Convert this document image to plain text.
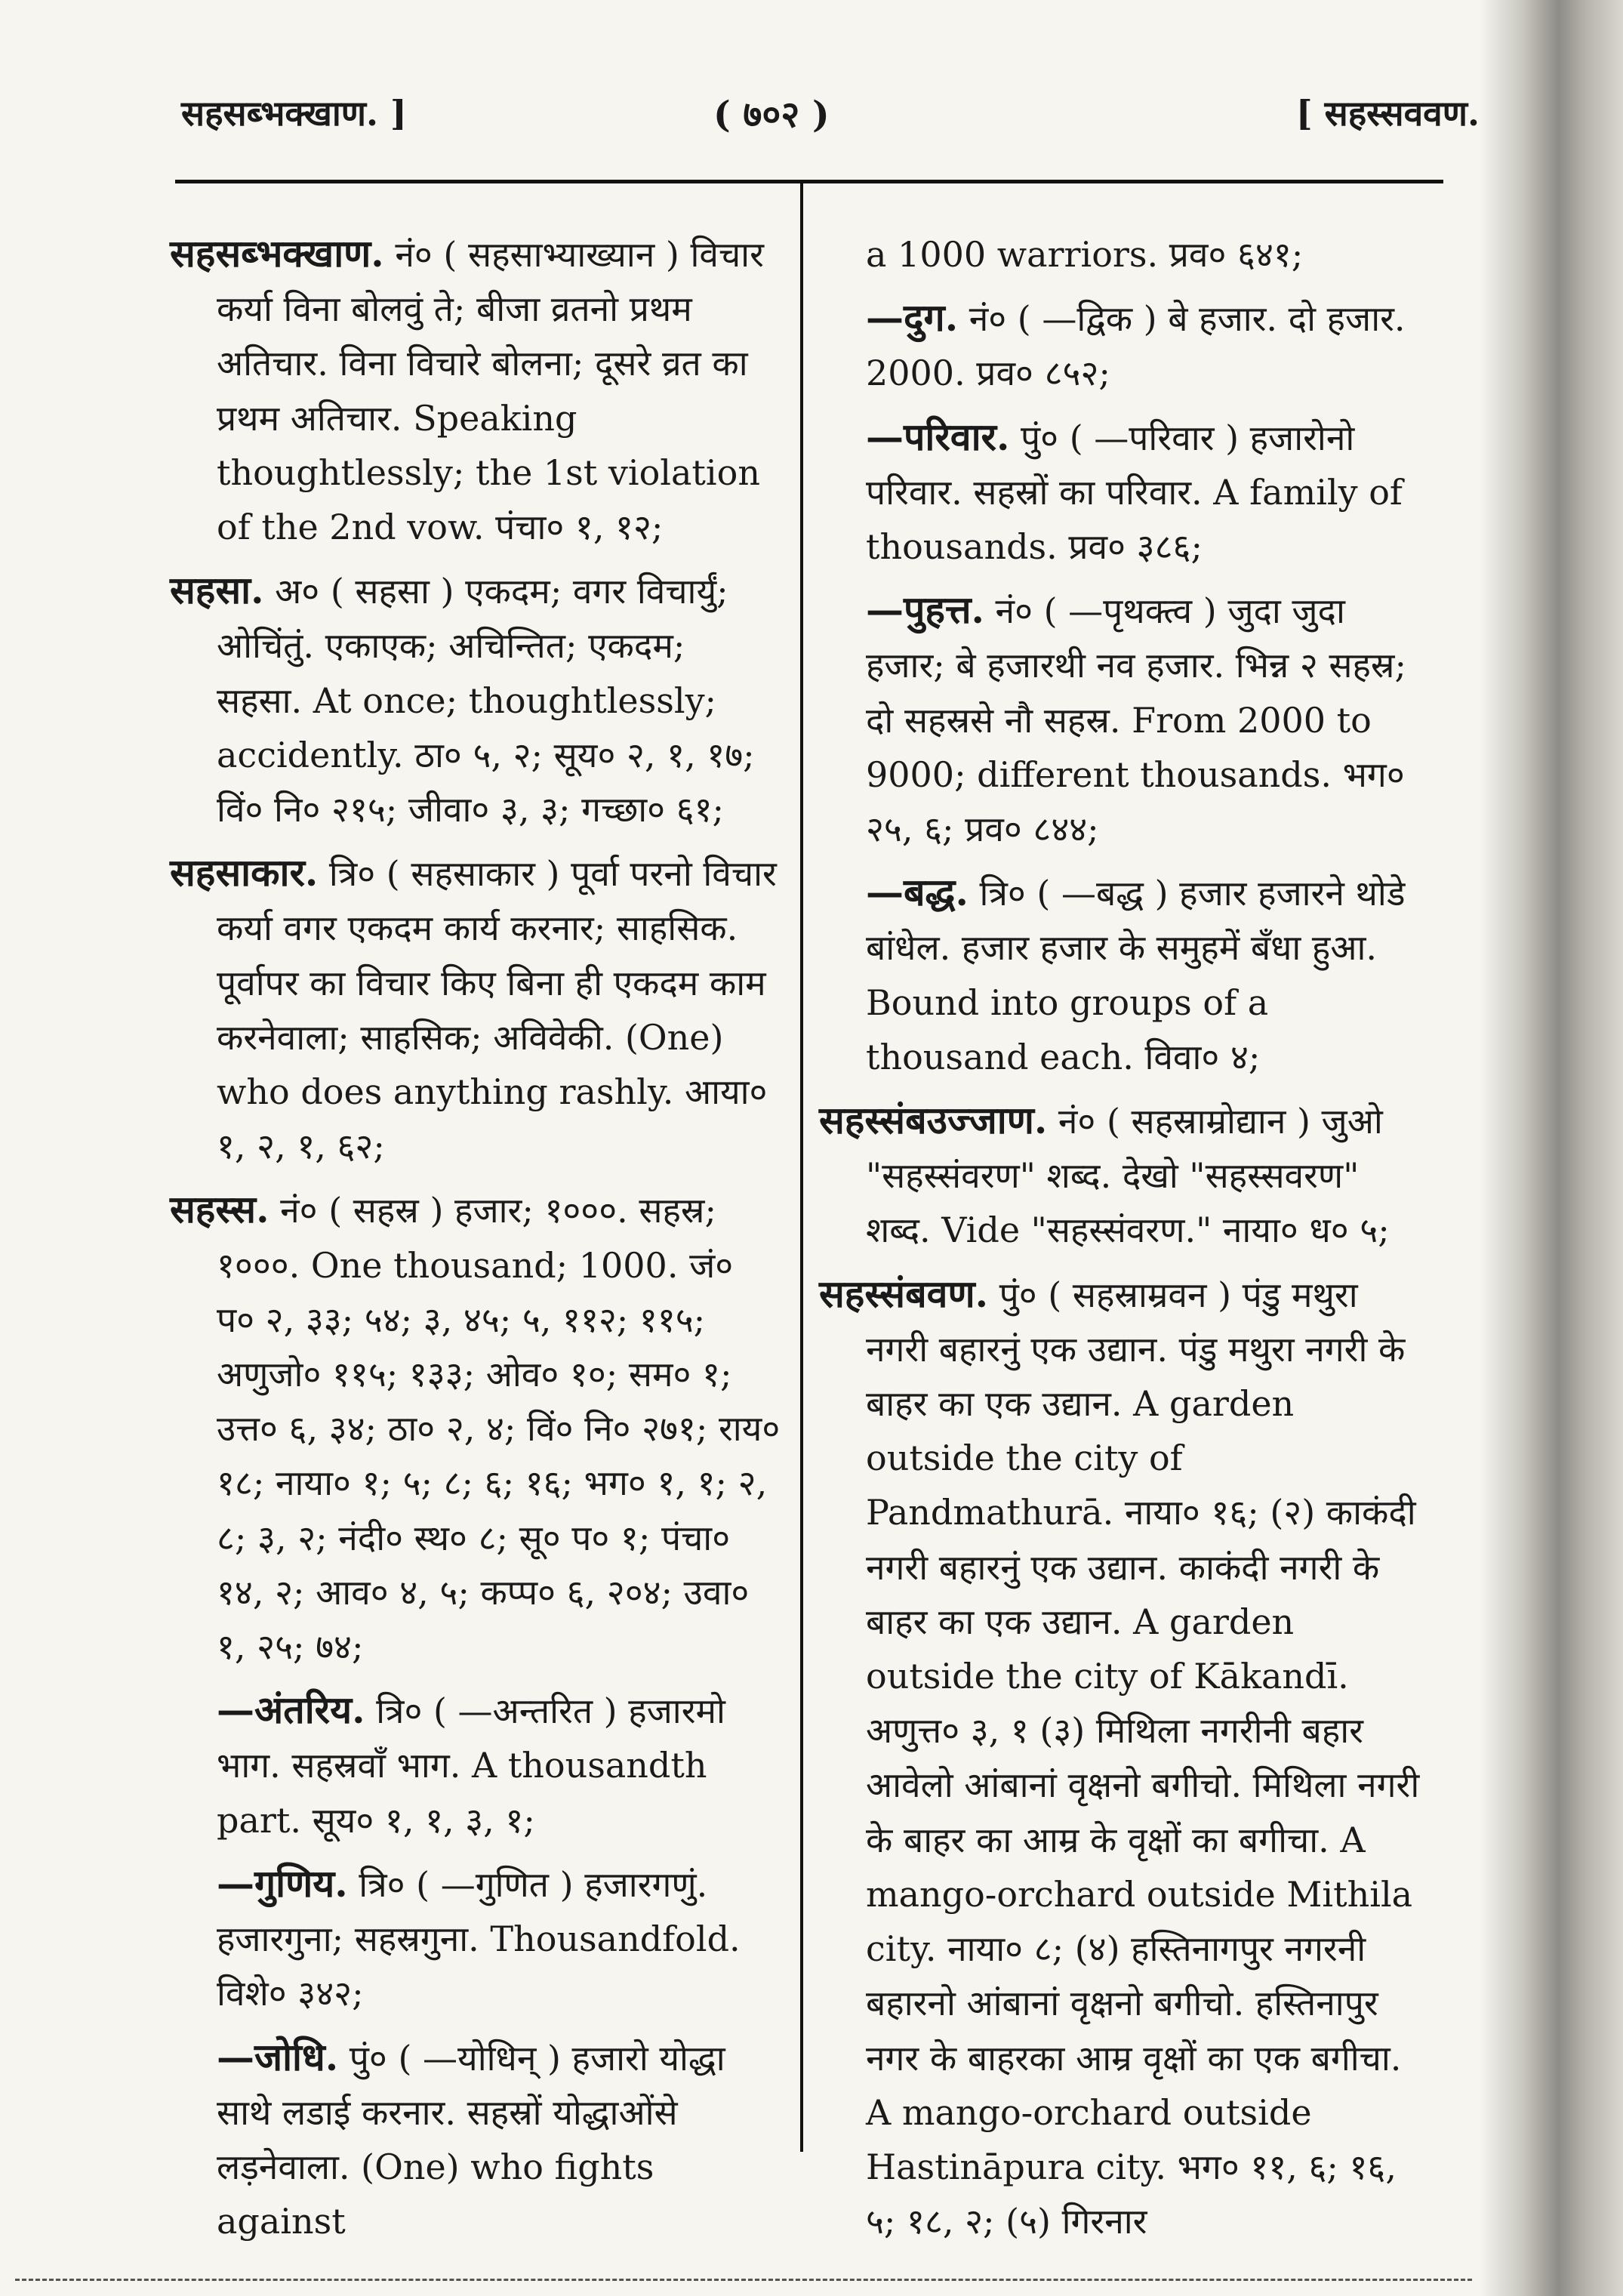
सहसब्भक्खाण. ]	( ७०२ )	[ सहस्सववण.

सहसब्भक्खाण. नं० ( सहसाभ्याख्यान ) विचार कर्या विना बोलवुं ते; बीजा व्रतनो प्रथम अतिचार. विना विचारे बोलना; दूसरे व्रत का प्रथम अतिचार. Speaking thoughtlessly; the 1st violation of the 2nd vow. पंचा० १, १२;

सहसा. अ० ( सहसा ) एकदम; वगर विचार्युं; ओचिंतुं. एकाएक; अचिन्तित; एकदम; सहसा. At once; thoughtlessly; accidently. ठा० ५, २; सूय० २, १, १७; विं० नि० २१५; जीवा० ३, ३; गच्छा० ६१;

सहसाकार. त्रि० ( सहसाकार ) पूर्वा परनो विचार कर्या वगर एकदम कार्य करनार; साहसिक. पूर्वापर का विचार किए बिना ही एकदम काम करनेवाला; साहसिक; अविवेकी. (One) who does anything rashly. आया० १, २, १, ६२;

सहस्स. नं० ( सहस्र ) हजार; १०००. सहस्र; १०००. One thousand; 1000. जं० प० २, ३३; ५४; ३, ४५; ५, ११२; ११५; अणुजो० ११५; १३३; ओव० १०; सम० १; उत्त० ६, ३४; ठा० २, ४; विं० नि० २७१; राय० १८; नाया० १; ५; ८; ६; १६; भग० १, १; २, ८; ३, २; नंदी० स्थ० ८; सू० प० १; पंचा० १४, २; आव० ४, ५; कप्प० ६, २०४; उवा० १, २५; ७४;

—अंतरिय. त्रि० ( —अन्तरित ) हजारमो भाग. सहस्रवाँ भाग. A thousandth part. सूय० १, १, ३, १;

—गुणिय. त्रि० ( —गुणित ) हजारगणुं. हजारगुना; सहस्रगुना. Thousandfold. विशे० ३४२;

—जोधि. पुं० ( —योधिन् ) हजारो योद्धा साथे लडाई करनार. सहस्रों योद्धाओंसे लड़नेवाला. (One) who fights against

a 1000 warriors. प्रव० ६४१;

—दुग. नं० ( —द्विक ) बे हजार. दो हजार. 2000. प्रव० ८५२;

—परिवार. पुं० ( —परिवार ) हजारोनो परिवार. सहस्रों का परिवार. A family of thousands. प्रव० ३८६;

—पुहत्त. नं० ( —पृथक्त्व ) जुदा जुदा हजार; बे हजारथी नव हजार. भिन्न २ सहस्र; दो सहस्रसे नौ सहस्र. From 2000 to 9000; different thousands. भग० २५, ६; प्रव० ८४४;

—बद्ध. त्रि० ( —बद्ध ) हजार हजारने थोडे बांधेल. हजार हजार के समुहमें बँधा हुआ. Bound into groups of a thousand each. विवा० ४;

सहस्संबउज्जाण. नं० ( सहस्राम्रोद्यान ) जुओ "सहस्संवरण" शब्द. देखो "सहस्सवरण" शब्द. Vide "सहस्संवरण." नाया० ध० ५;

सहस्संबवण. पुं० ( सहस्राम्रवन ) पंडु मथुरा नगरी बहारनुं एक उद्यान. पंडु मथुरा नगरी के बाहर का एक उद्यान. A garden outside the city of Pandmathurā. नाया० १६; (२) काकंदी नगरी बहारनुं एक उद्यान. काकंदी नगरी के बाहर का एक उद्यान. A garden outside the city of Kākandī. अणुत्त० ३, १ (३) मिथिला नगरीनी बहार आवेलो आंबानां वृक्षनो बगीचो. मिथिला नगरी के बाहर का आम्र के वृक्षों का बगीचा. A mango-orchard outside Mithila city. नाया० ८; (४) हस्तिनागपुर नगरनी बहारनो आंबानां वृक्षनो बगीचो. हस्तिनापुर नगर के बाहरका आम्र वृक्षों का एक बगीचा. A mango-orchard outside Hastināpura city. भग० ११, ६; १६, ५; १८, २; (५) गिरनार
